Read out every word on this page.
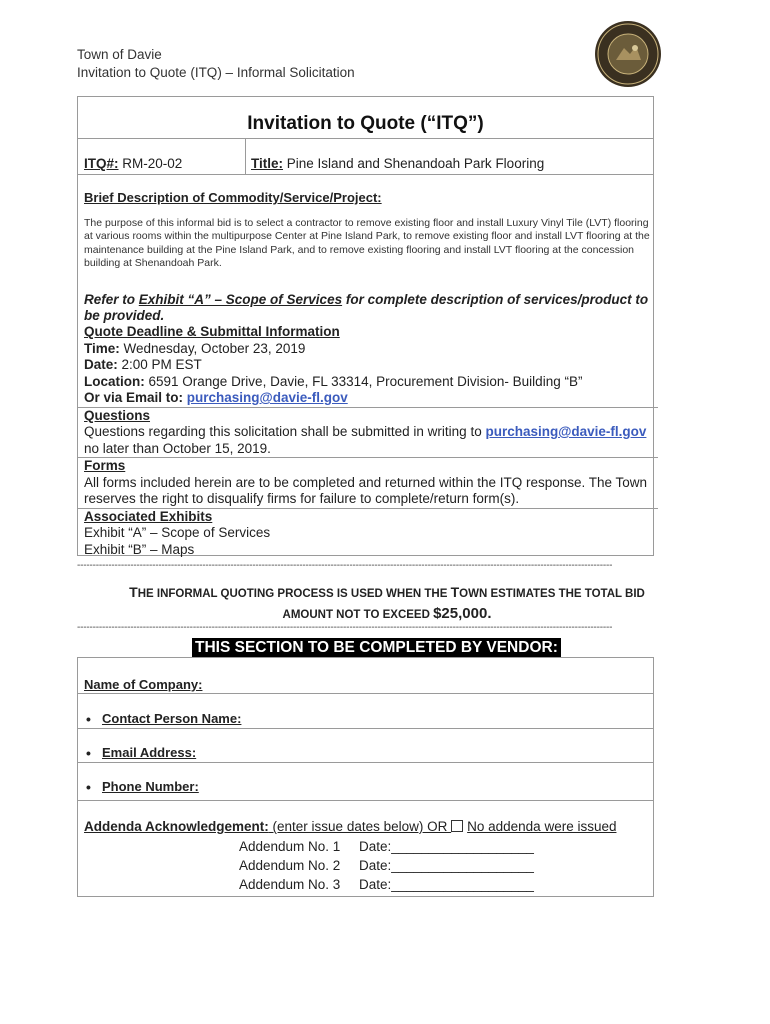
Town of Davie
Invitation to Quote (ITQ) – Informal Solicitation
Invitation to Quote (“ITQ”)
ITQ#: RM-20-02	Title: Pine Island and Shenandoah Park Flooring
Brief Description of Commodity/Service/Project:
The purpose of this informal bid is to select a contractor to remove existing floor and install Luxury Vinyl Tile (LVT) flooring at various rooms within the multipurpose Center at Pine Island Park, to remove existing floor and install LVT flooring at the maintenance building at the Pine Island Park, and to remove existing flooring and install LVT flooring at the concession building at Shenandoah Park.
Refer to Exhibit “A” – Scope of Services for complete description of services/product to be provided.
Quote Deadline & Submittal Information
Time: Wednesday, October 23, 2019
Date: 2:00 PM EST
Location: 6591 Orange Drive, Davie, FL 33314, Procurement Division- Building “B”
Or via Email to: purchasing@davie-fl.gov
Questions
Questions regarding this solicitation shall be submitted in writing to purchasing@davie-fl.gov no later than October 15, 2019.
Forms
All forms included herein are to be completed and returned within the ITQ response. The Town reserves the right to disqualify firms for failure to complete/return form(s).
Associated Exhibits
Exhibit “A” – Scope of Services
Exhibit “B” – Maps
---------------------------------------------------------------------------------------------------------------------------------------------------------------------------
THE INFORMAL QUOTING PROCESS IS USED WHEN THE TOWN ESTIMATES THE TOTAL BID
AMOUNT NOT TO EXCEED $25,000.
---------------------------------------------------------------------------------------------------------------------------------------------------------------------------
THIS SECTION TO BE COMPLETED BY VENDOR:
Name of Company:
• Contact Person Name:
• Email Address:
• Phone Number:
Addenda Acknowledgement: (enter issue dates below) OR No addenda were issued
Addendum No. 1 Date:___________________
Addendum No. 2 Date:___________________
Addendum No. 3 Date:___________________
